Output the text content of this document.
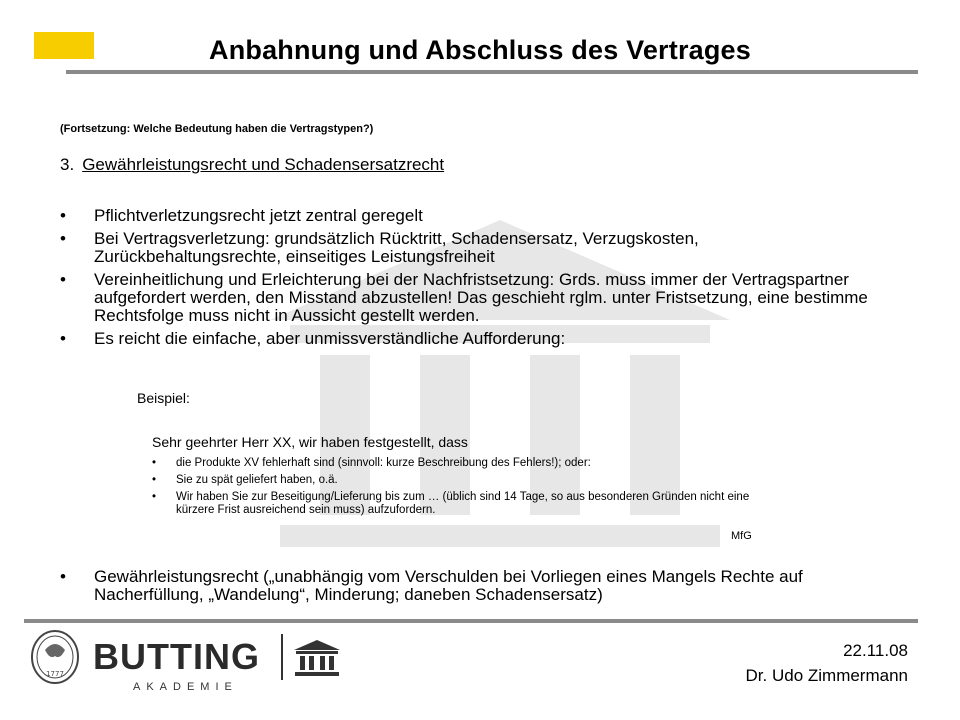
Anbahnung und Abschluss des Vertrages
(Fortsetzung: Welche Bedeutung haben die Vertragstypen?)
3. Gewährleistungsrecht und Schadensersatzrecht
• Pflichtverletzungsrecht jetzt zentral geregelt
• Bei Vertragsverletzung: grundsätzlich Rücktritt, Schadensersatz, Verzugskosten, Zurückbehaltungsrechte, einseitiges Leistungsfreiheit
• Vereinheitlichung und Erleichterung bei der Nachfristsetzung: Grds. muss immer der Vertragspartner aufgefordert werden, den Misstand abzustellen! Das geschieht rglm. unter Fristsetzung, eine bestimme Rechtsfolge muss nicht in Aussicht gestellt werden.
• Es reicht die einfache, aber unmissverständliche Aufforderung:
Beispiel:
Sehr geehrter Herr XX, wir haben festgestellt, dass
• die Produkte XV fehlerhaft sind (sinnvoll: kurze Beschreibung des Fehlers!); oder:
• Sie zu spät geliefert haben, o.ä.
• Wir haben Sie zur Beseitigung/Lieferung bis zum … (üblich sind 14 Tage, so aus besonderen Gründen nicht eine kürzere Frist ausreichend sein muss) aufzufordern.
MfG
• Gewährleistungsrecht („unabhängig vom Verschulden bei Vorliegen eines Mangels Rechte auf Nacherfüllung, „Wandelung“, Minderung; daneben Schadensersatz)
1777 BUTTING
AKADEMIE
22.11.08
Dr. Udo Zimmermann
